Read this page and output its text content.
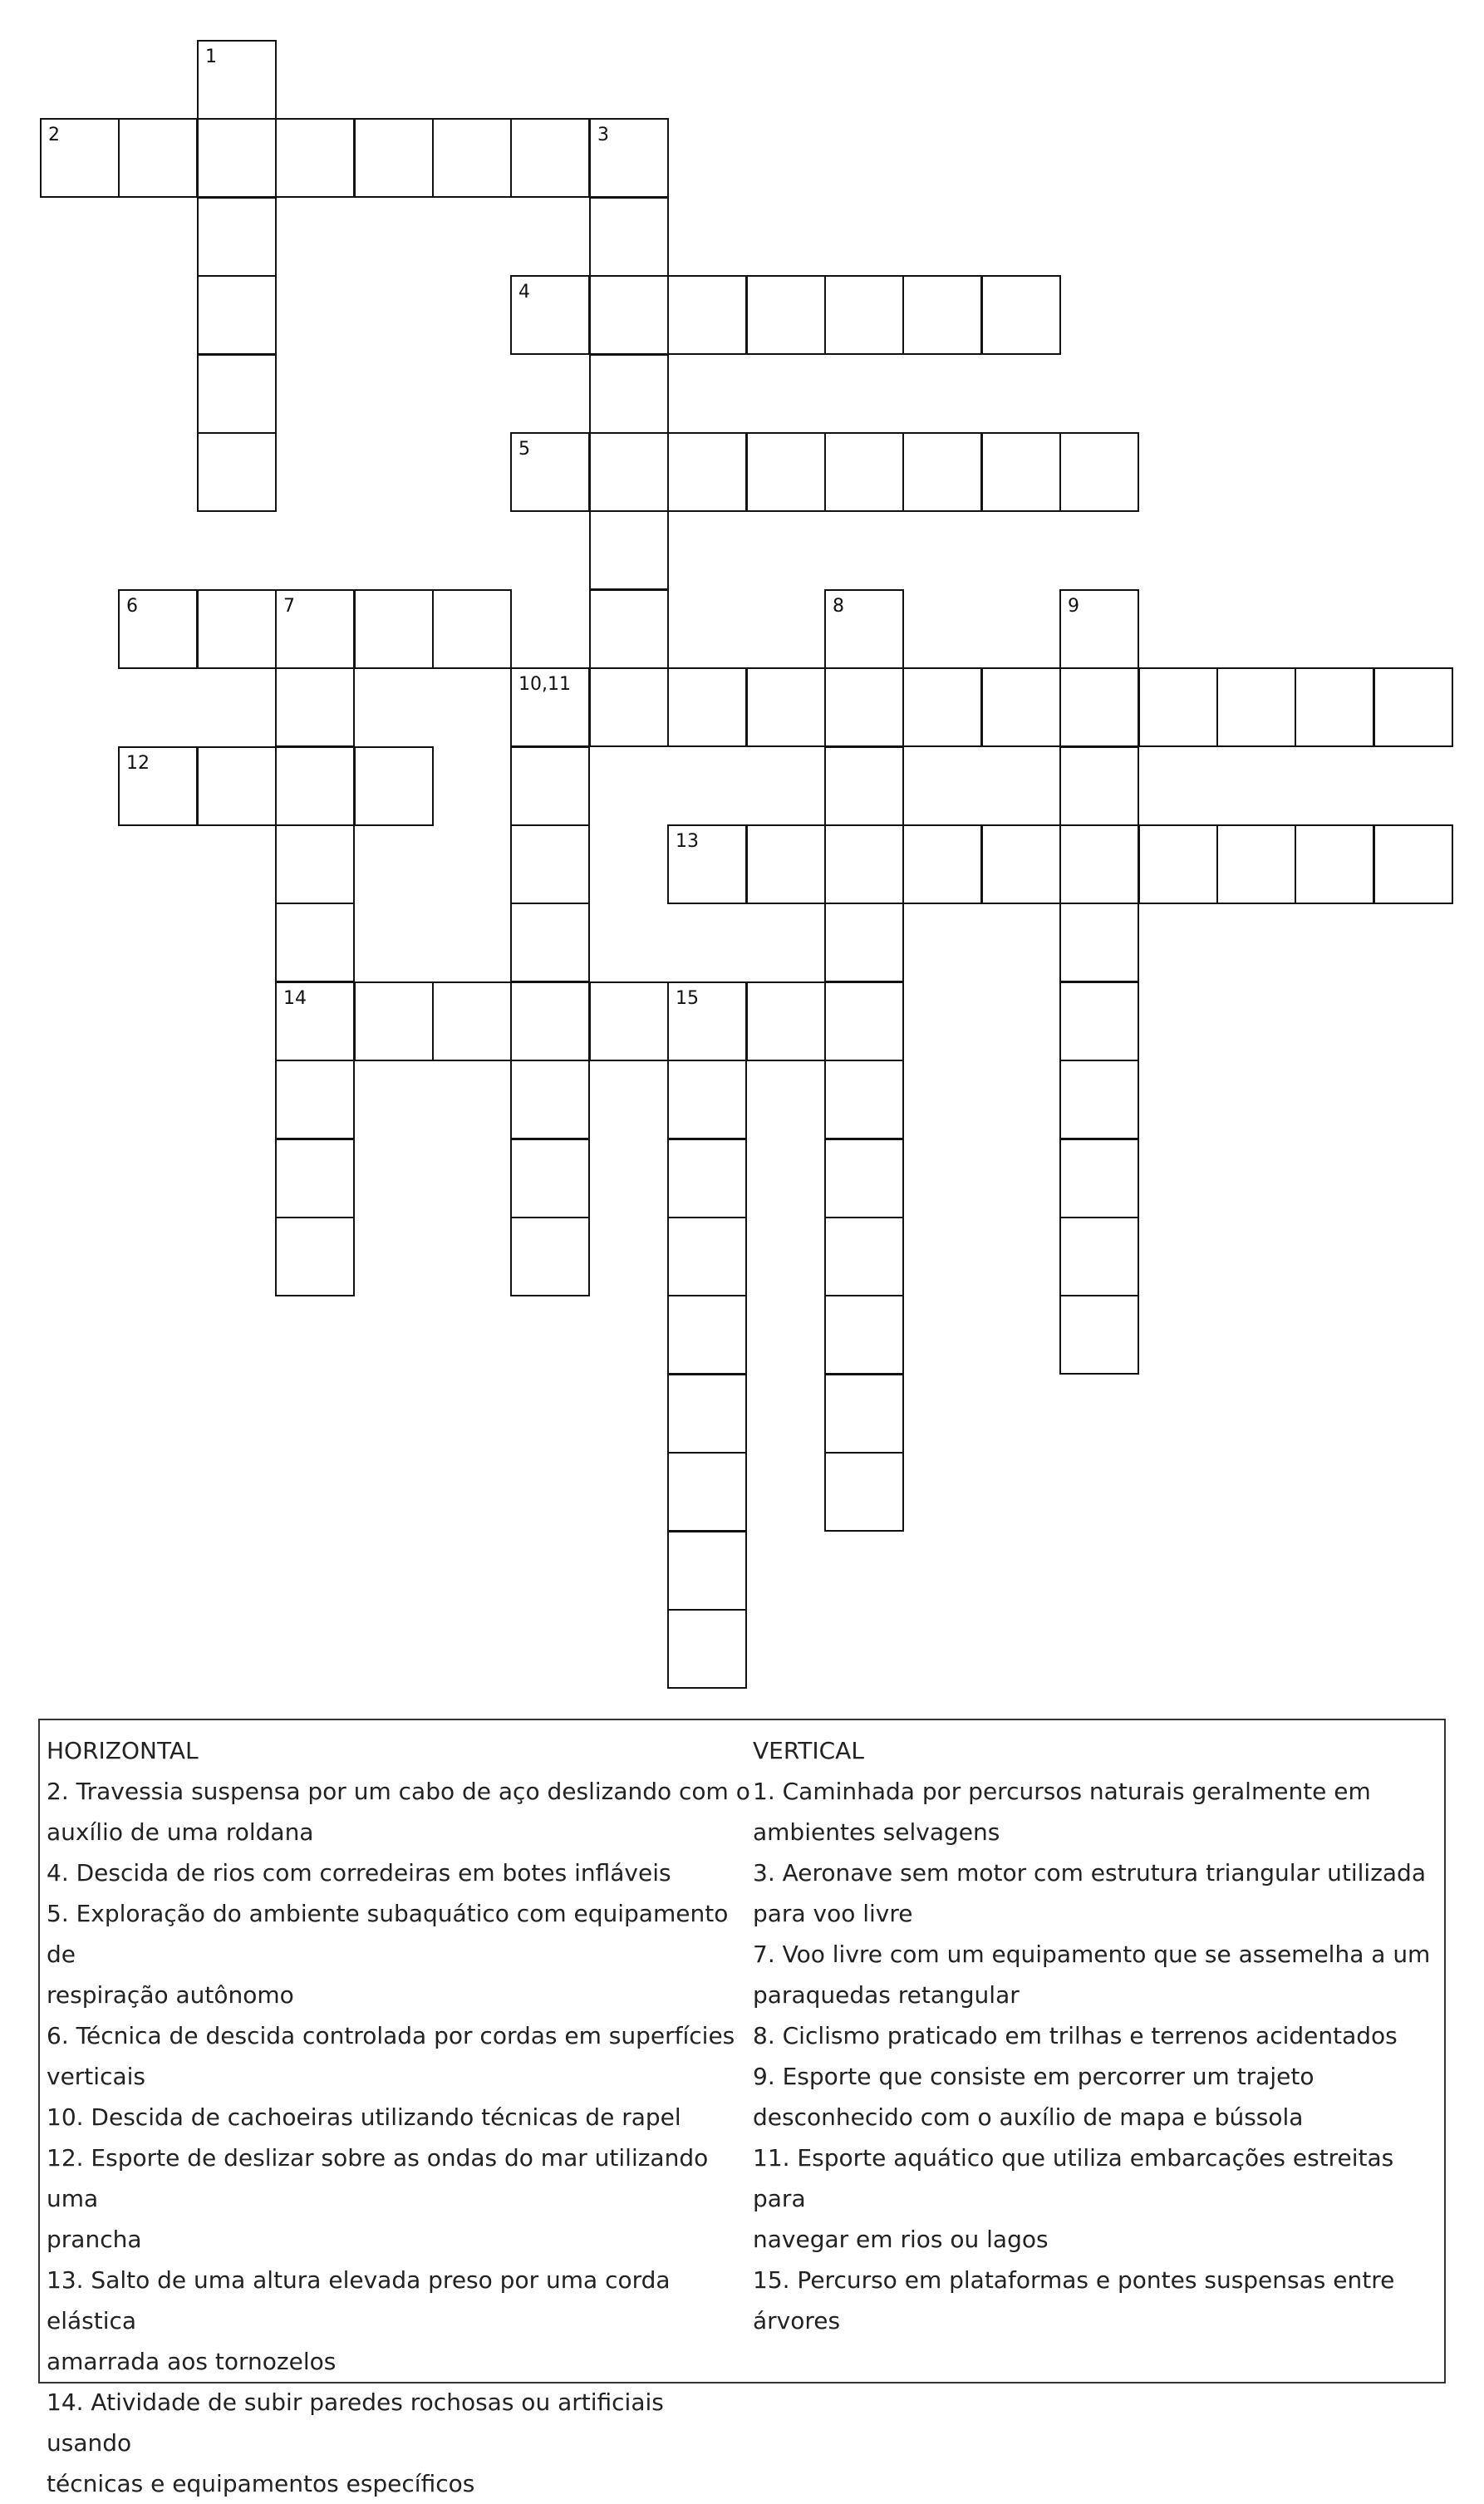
1
2	3
4
5
6	7	8	9
10,11
12
13
14	15
HORIZONTAL
2. Travessia suspensa por um cabo de aço deslizando com o
auxílio de uma roldana
4. Descida de rios com corredeiras em botes infláveis
5. Exploração do ambiente subaquático com equipamento de
respiração autônomo
6. Técnica de descida controlada por cordas em superfícies
verticais
10. Descida de cachoeiras utilizando técnicas de rapel
12. Esporte de deslizar sobre as ondas do mar utilizando uma
prancha
13. Salto de uma altura elevada preso por uma corda elástica
amarrada aos tornozelos
14. Atividade de subir paredes rochosas ou artificiais usando
técnicas e equipamentos específicos
VERTICAL
1. Caminhada por percursos naturais geralmente em
ambientes selvagens
3. Aeronave sem motor com estrutura triangular utilizada
para voo livre
7. Voo livre com um equipamento que se assemelha a um
paraquedas retangular
8. Ciclismo praticado em trilhas e terrenos acidentados
9. Esporte que consiste em percorrer um trajeto
desconhecido com o auxílio de mapa e bússola
11. Esporte aquático que utiliza embarcações estreitas para
navegar em rios ou lagos
15. Percurso em plataformas e pontes suspensas entre
árvores
